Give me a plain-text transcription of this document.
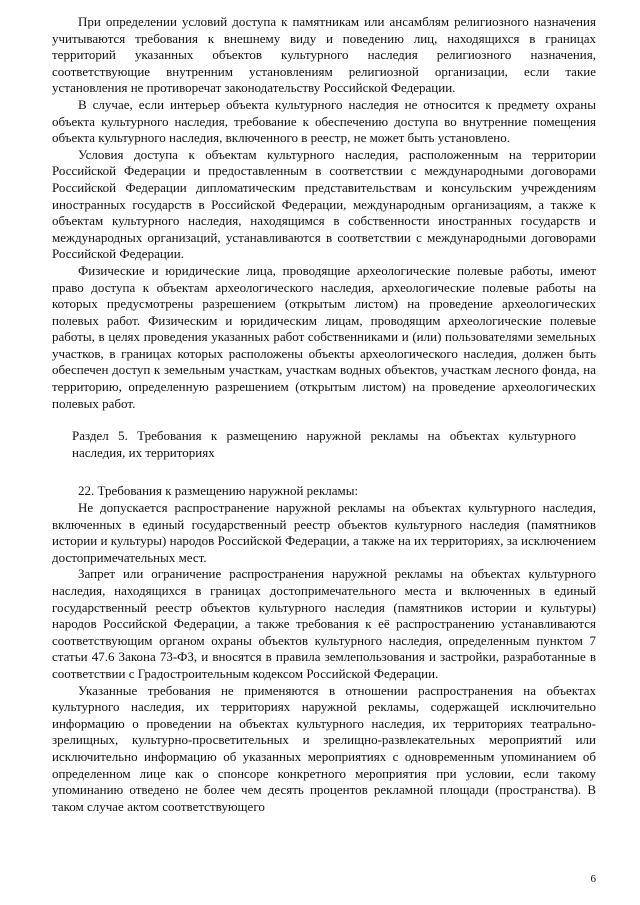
При определении условий доступа к памятникам или ансамблям религиозного назначения учитываются требования к внешнему виду и поведению лиц, находящихся в границах территорий указанных объектов культурного наследия религиозного назначения, соответствующие внутренним установлениям религиозной организации, если такие установления не противоречат законодательству Российской Федерации.

В случае, если интерьер объекта культурного наследия не относится к предмету охраны объекта культурного наследия, требование к обеспечению доступа во внутренние помещения объекта культурного наследия, включенного в реестр, не может быть установлено.

Условия доступа к объектам культурного наследия, расположенным на территории Российской Федерации и предоставленным в соответствии с международными договорами Российской Федерации дипломатическим представительствам и консульским учреждениям иностранных государств в Российской Федерации, международным организациям, а также к объектам культурного наследия, находящимся в собственности иностранных государств и международных организаций, устанавливаются в соответствии с международными договорами Российской Федерации.

Физические и юридические лица, проводящие археологические полевые работы, имеют право доступа к объектам археологического наследия, археологические полевые работы на которых предусмотрены разрешением (открытым листом) на проведение археологических полевых работ. Физическим и юридическим лицам, проводящим археологические полевые работы, в целях проведения указанных работ собственниками и (или) пользователями земельных участков, в границах которых расположены объекты археологического наследия, должен быть обеспечен доступ к земельным участкам, участкам водных объектов, участкам лесного фонда, на территорию, определенную разрешением (открытым листом) на проведение археологических полевых работ.

Раздел 5. Требования к размещению наружной рекламы на объектах культурного наследия, их территориях

22. Требования к размещению наружной рекламы:

Не допускается распространение наружной рекламы на объектах культурного наследия, включенных в единый государственный реестр объектов культурного наследия (памятников истории и культуры) народов Российской Федерации, а также на их территориях, за исключением достопримечательных мест.

Запрет или ограничение распространения наружной рекламы на объектах культурного наследия, находящихся в границах достопримечательного места и включенных в единый государственный реестр объектов культурного наследия (памятников истории и культуры) народов Российской Федерации, а также требования к её распространению устанавливаются соответствующим органом охраны объектов культурного наследия, определенным пунктом 7 статьи 47.6 Закона 73-ФЗ, и вносятся в правила землепользования и застройки, разработанные в соответствии с Градостроительным кодексом Российской Федерации.

Указанные требования не применяются в отношении распространения на объектах культурного наследия, их территориях наружной рекламы, содержащей исключительно информацию о проведении на объектах культурного наследия, их территориях театрально-зрелищных, культурно-просветительных и зрелищно-развлекательных мероприятий или исключительно информацию об указанных мероприятиях с одновременным упоминанием об определенном лице как о спонсоре конкретного мероприятия при условии, если такому упоминанию отведено не более чем десять процентов рекламной площади (пространства). В таком случае актом соответствующего

6
